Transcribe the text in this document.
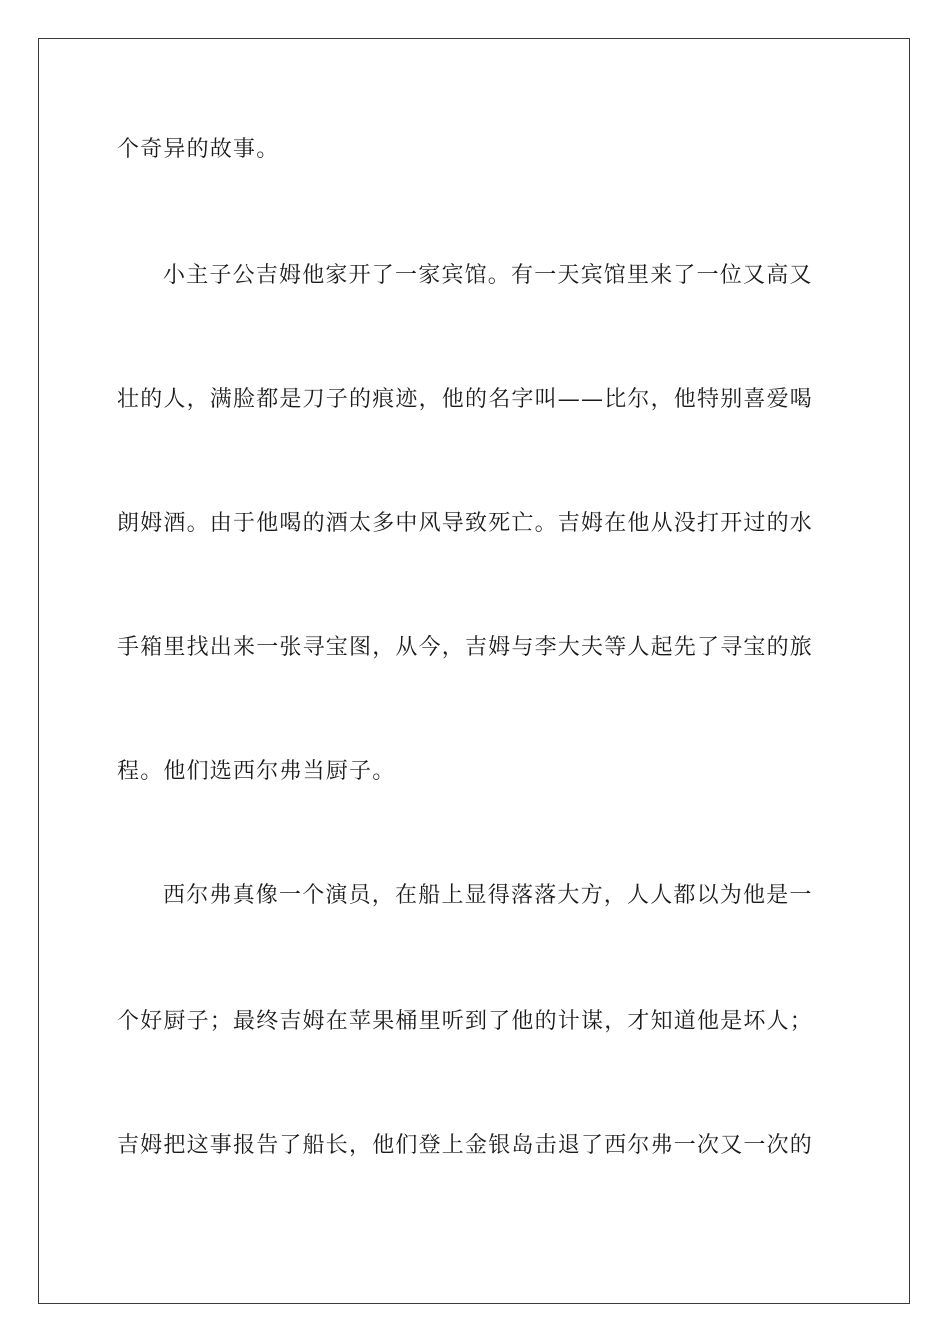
个奇异的故事。
小主子公吉姆他家开了一家宾馆。有一天宾馆里来了一位又高又
壮的人，满脸都是刀子的痕迹，他的名字叫——比尔，他特别喜爱喝
朗姆酒。由于他喝的酒太多中风导致死亡。吉姆在他从没打开过的水
手箱里找出来一张寻宝图，从今，吉姆与李大夫等人起先了寻宝的旅
程。他们选西尔弗当厨子。
西尔弗真像一个演员，在船上显得落落大方，人人都以为他是一
个好厨子；最终吉姆在苹果桶里听到了他的计谋，才知道他是坏人；
吉姆把这事报告了船长，他们登上金银岛击退了西尔弗一次又一次的
